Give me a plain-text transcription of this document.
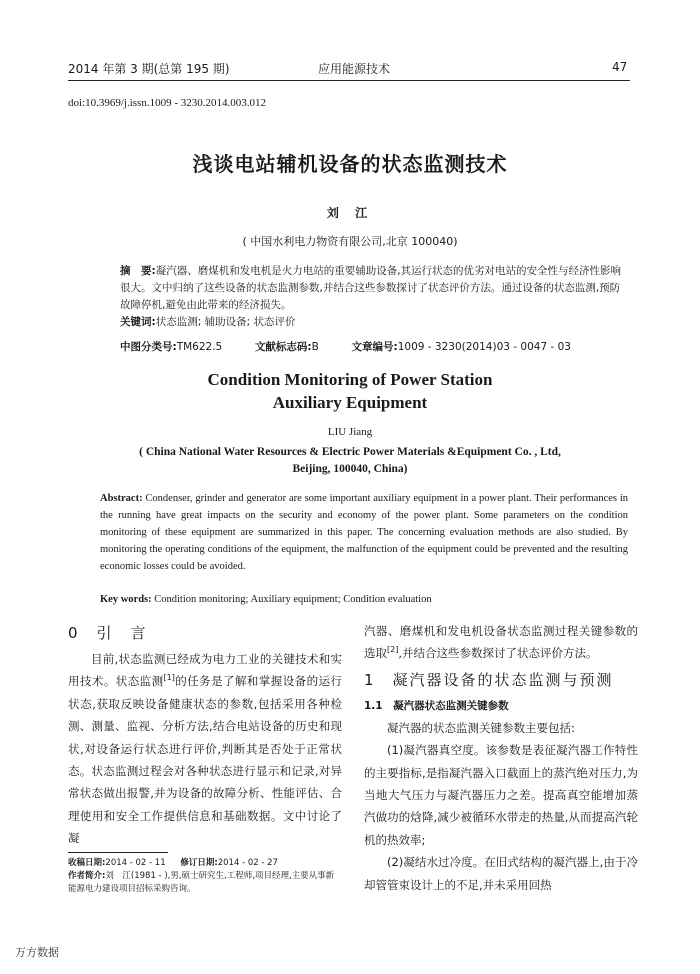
2014 年第 3 期(总第 195 期)	应用能源技术	47
doi:10.3969/j.issn.1009 - 3230.2014.003.012
浅谈电站辅机设备的状态监测技术
刘 江
( 中国水利电力物资有限公司,北京 100040)
摘　要:凝汽器、磨煤机和发电机是火力电站的重要辅助设备,其运行状态的优劣对电站的安全性与经济性影响很大。文中归纳了这些设备的状态监测参数,并结合这些参数探讨了状态评价方法。通过设备的状态监测,预防故障停机,避免由此带来的经济损失。
关键词:状态监测; 辅助设备; 状态评价
中图分类号:TM622.5	文献标志码:B	文章编号:1009 - 3230(2014)03 - 0047 - 03
Condition Monitoring of Power Station
Auxiliary Equipment
LIU Jiang
( China National Water Resources & Electric Power Materials &Equipment Co. , Ltd,
Beijing, 100040, China)
Abstract: Condenser, grinder and generator are some important auxiliary equipment in a power plant. Their performances in the running have great impacts on the security and economy of the power plant. Some parameters on the condition monitoring of these equipment are summarized in this paper. The concerning evaluation methods are also studied. By monitoring the operating conditions of the equipment, the malfunction of the equipment could be prevented and the resulting economic losses could be avoided.
Key words: Condition monitoring; Auxiliary equipment; Condition evaluation
0　引　言

目前,状态监测已经成为电力工业的关键技术和实用技术。状态监测[1]的任务是了解和掌握设备的运行状态,获取反映设备健康状态的参数,包括采用各种检测、测量、监视、分析方法,结合电站设备的历史和现状,对设备运行状态进行评价,判断其是否处于正常状态。状态监测过程会对各种状态进行显示和记录,对异常状态做出报警,并为设备的故障分析、性能评估、合理使用和安全工作提供信息和基础数据。文中讨论了凝

收稿日期:2014 - 02 - 11 修订日期:2014 - 02 - 27
作者简介:刘　江(1981 - ),男,硕士研究生,工程师,项目经理,主要从事新能源电力建设项目招标采购咨询。

汽器、磨煤机和发电机设备状态监测过程关键参数的选取[2],并结合这些参数探讨了状态评价方法。

1　凝汽器设备的状态监测与预测
1.1　凝汽器状态监测关键参数

凝汽器的状态监测关键参数主要包括:

(1)凝汽器真空度。该参数是表征凝汽器工作特性的主要指标,是指凝汽器入口截面上的蒸汽绝对压力,为当地大气压力与凝汽器压力之差。提高真空能增加蒸汽做功的焓降,减少被循环水带走的热量,从而提高汽轮机的热效率;

(2)凝结水过冷度。在旧式结构的凝汽器上,由于冷却管管束设计上的不足,并未采用回热

万方数据
